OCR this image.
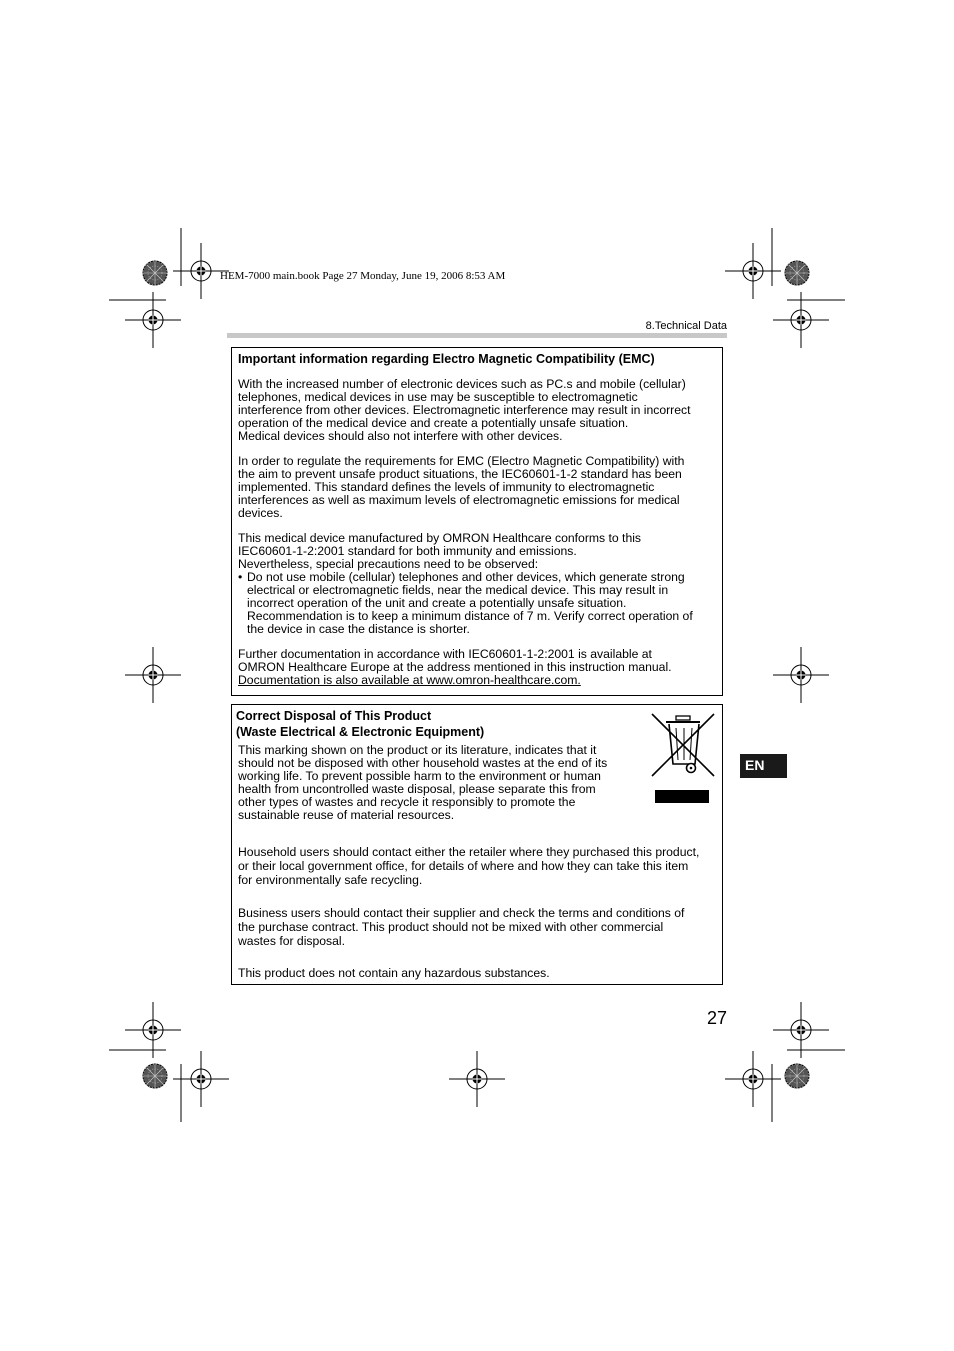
HEM-7000 main.book Page 27 Monday, June 19, 2006 8:53 AM
8.Technical Data
Important information regarding Electro Magnetic Compatibility (EMC)
With the increased number of electronic devices such as PC.s and mobile (cellular)
telephones, medical devices in use may be susceptible to electromagnetic
interference from other devices. Electromagnetic interference may result in incorrect
operation of the medical device and create a potentially unsafe situation.
Medical devices should also not interfere with other devices.
In order to regulate the requirements for EMC (Electro Magnetic Compatibility) with
the aim to prevent unsafe product situations, the IEC60601-1-2 standard has been
implemented. This standard defines the levels of immunity to electromagnetic
interferences as well as maximum levels of electromagnetic emissions for medical
devices.
This medical device manufactured by OMRON Healthcare conforms to this
IEC60601-1-2:2001 standard for both immunity and emissions.
Nevertheless, special precautions need to be observed:
• Do not use mobile (cellular) telephones and other devices, which generate strong
electrical or electromagnetic fields, near the medical device. This may result in
incorrect operation of the unit and create a potentially unsafe situation.
Recommendation is to keep a minimum distance of 7 m. Verify correct operation of
the device in case the distance is shorter.
Further documentation in accordance with IEC60601-1-2:2001 is available at
OMRON Healthcare Europe at the address mentioned in this instruction manual.
Documentation is also available at www.omron-healthcare.com.
Correct Disposal of This Product
(Waste Electrical & Electronic Equipment)
This marking shown on the product or its literature, indicates that it
should not be disposed with other household wastes at the end of its
working life. To prevent possible harm to the environment or human
health from uncontrolled waste disposal, please separate this from
other types of wastes and recycle it responsibly to promote the
sustainable reuse of material resources.
Household users should contact either the retailer where they purchased this product,
or their local government office, for details of where and how they can take this item
for environmentally safe recycling.
Business users should contact their supplier and check the terms and conditions of
the purchase contract. This product should not be mixed with other commercial
wastes for disposal.
This product does not contain any hazardous substances.
EN
27
